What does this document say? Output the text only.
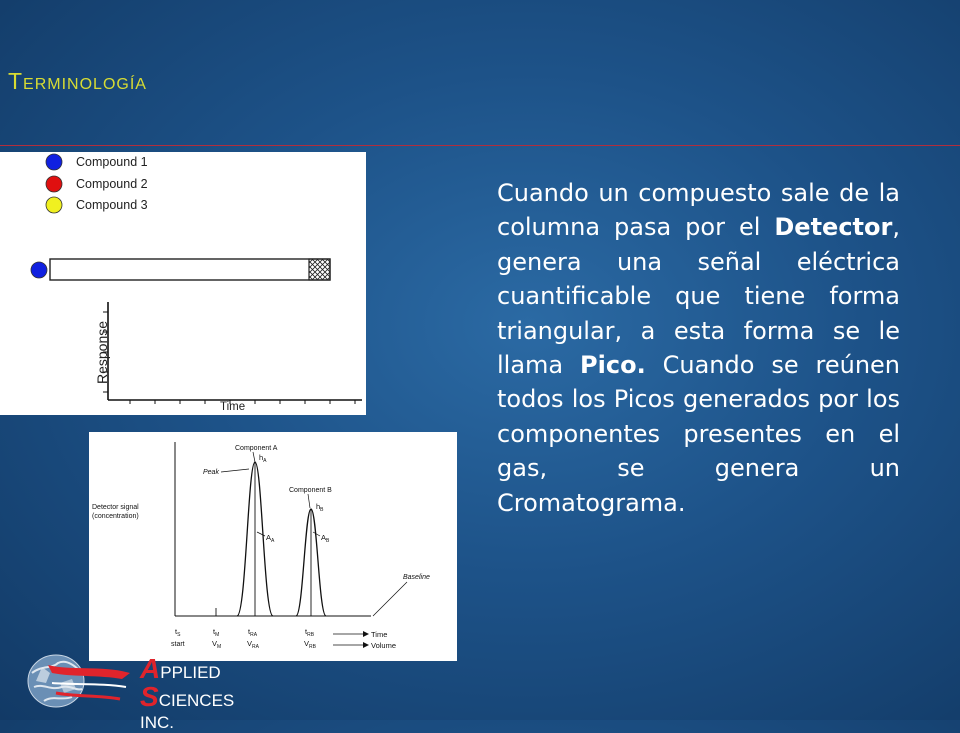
Terminología
Compound 1
Compound 2
Compound 3
Response
Time
Detector signal
(concentration)
Component A
$h_A$
Peak
Component B
$h_B$
$A_A$	$A_B$
Baseline
$t_S$
start
$t_M$
$V_M$
$t_{RA}$
$V_{RA}$
$t_{RB}$
$V_{RB}$
Time
Volume
Cuando un compuesto sale de la columna pasa por el Detector, genera una señal eléctrica cuantificable que tiene forma triangular, a esta forma se le llama Pico. Cuando se reúnen todos los Picos generados por los componentes presentes en el gas, se genera un Cromatograma.
APPLIED
SCIENCES INC.
